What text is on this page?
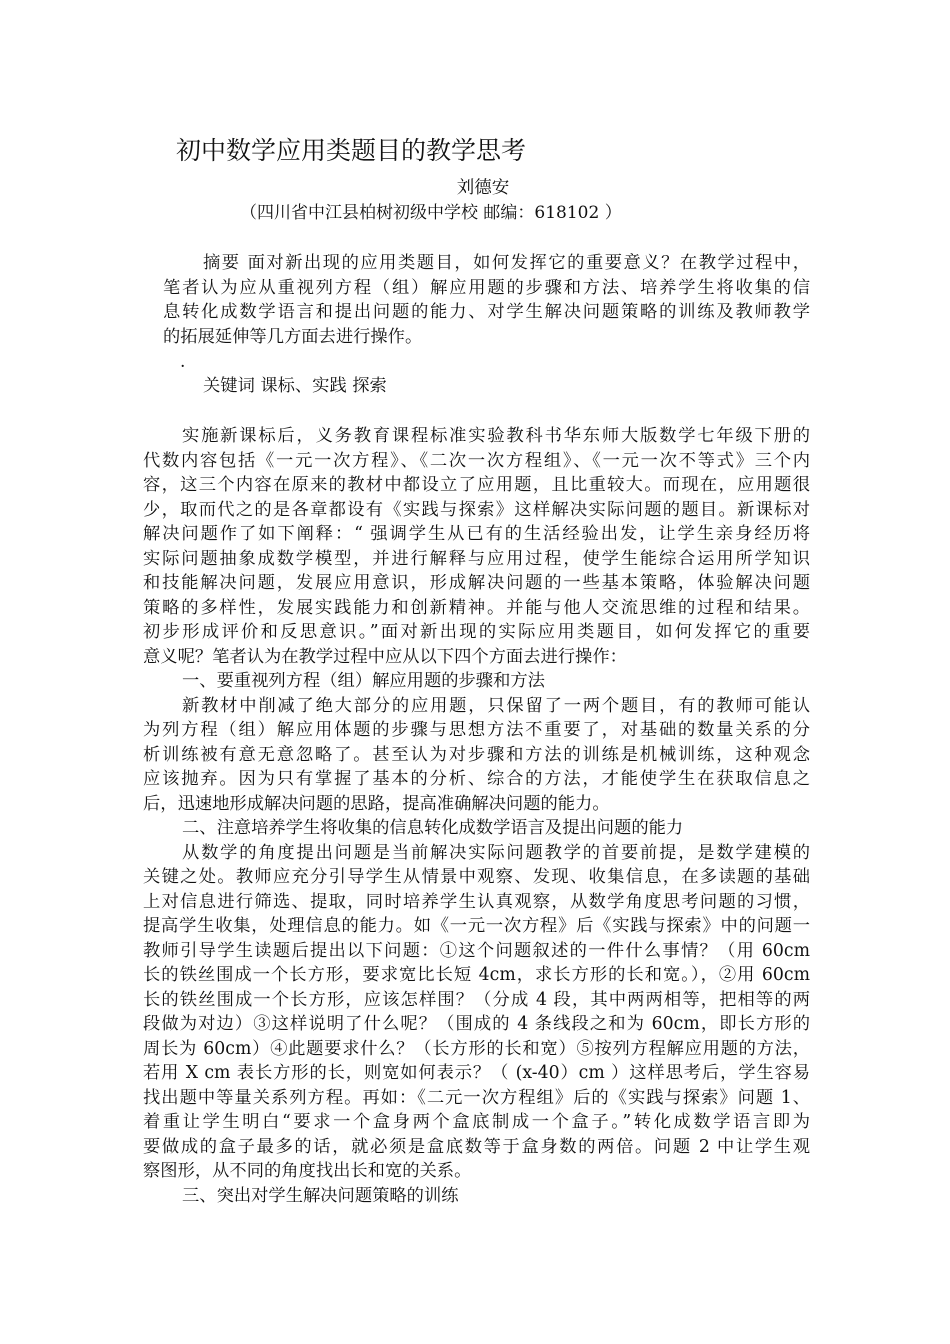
初中数学应用类题目的教学思考
刘德安
（四川省中江县柏树初级中学校 邮编：618102 ）
摘要 面对新出现的应用类题目，如何发挥它的重要意义？在教学过程中，
笔者认为应从重视列方程（组）解应用题的步骤和方法、培养学生将收集的信
息转化成数学语言和提出问题的能力、对学生解决问题策略的训练及教师教学
的拓展延伸等几方面去进行操作。
.
关键词 课标、实践 探索
实施新课标后，义务教育课程标准实验教科书华东师大版数学七年级下册的
代数内容包括《一元一次方程》、《二次一次方程组》、《一元一次不等式》三个内
容，这三个内容在原来的教材中都设立了应用题，且比重较大。而现在，应用题很
少，取而代之的是各章都设有《实践与探索》这样解决实际问题的题目。新课标对
解决问题作了如下阐释：“ 强调学生从已有的生活经验出发，让学生亲身经历将
实际问题抽象成数学模型，并进行解释与应用过程，使学生能综合运用所学知识
和技能解决问题，发展应用意识，形成解决问题的一些基本策略，体验解决问题
策略的多样性，发展实践能力和创新精神。并能与他人交流思维的过程和结果。
初步形成评价和反思意识。”面对新出现的实际应用类题目，如何发挥它的重要
意义呢？笔者认为在教学过程中应从以下四个方面去进行操作：
一、要重视列方程（组）解应用题的步骤和方法
新教材中削减了绝大部分的应用题，只保留了一两个题目，有的教师可能认
为列方程（组）解应用体题的步骤与思想方法不重要了，对基础的数量关系的分
析训练被有意无意忽略了。甚至认为对步骤和方法的训练是机械训练，这种观念
应该抛弃。因为只有掌握了基本的分析、综合的方法，才能使学生在获取信息之
后，迅速地形成解决问题的思路，提高准确解决问题的能力。
二、注意培养学生将收集的信息转化成数学语言及提出问题的能力
从数学的角度提出问题是当前解决实际问题教学的首要前提，是数学建模的
关键之处。教师应充分引导学生从情景中观察、发现、收集信息，在多读题的基础
上对信息进行筛选、提取，同时培养学生认真观察，从数学角度思考问题的习惯，
提高学生收集，处理信息的能力。如《一元一次方程》后《实践与探索》中的问题一
教师引导学生读题后提出以下问题：①这个问题叙述的一件什么事情？（用 60cm
长的铁丝围成一个长方形，要求宽比长短 4cm，求长方形的长和宽。），②用 60cm
长的铁丝围成一个长方形，应该怎样围？（分成 4 段，其中两两相等，把相等的两
段做为对边）③这样说明了什么呢？（围成的 4 条线段之和为 60cm，即长方形的
周长为 60cm）④此题要求什么？（长方形的长和宽）⑤按列方程解应用题的方法，
若用 X cm 表长方形的长，则宽如何表示？（ (x-40）cm ）这样思考后，学生容易
找出题中等量关系列方程。再如：《二元一次方程组》后的《实践与探索》问题 1、
着重让学生明白“要求一个盒身两个盒底制成一个盒子。”转化成数学语言即为
要做成的盒子最多的话，就必须是盒底数等于盒身数的两倍。问题 2 中让学生观
察图形，从不同的角度找出长和宽的关系。
三、突出对学生解决问题策略的训练
